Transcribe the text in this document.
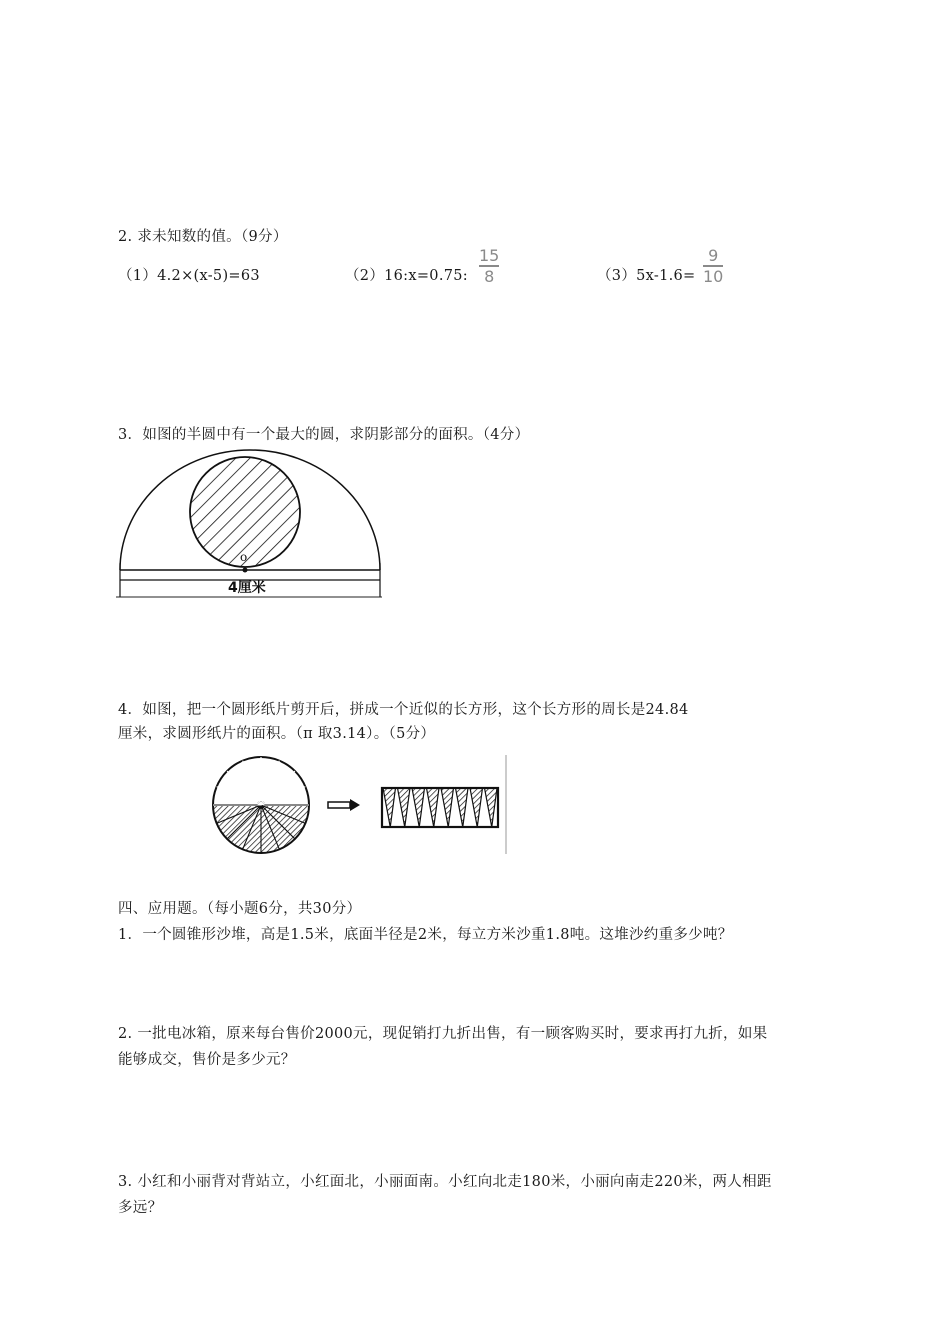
2. 求未知数的值。（9分）
（1）4.2×(x-5)=63	（2）16:x=0.75:
15
8	（3）5x-1.6=
9
10
3．如图的半圆中有一个最大的圆，求阴影部分的面积。（4分）
o
4厘米
4．如图，把一个圆形纸片剪开后，拼成一个近似的长方形，这个长方形的周长是24.84
厘米，求圆形纸片的面积。（π 取3.14）。（5分）
四、应用题。（每小题6分，共30分）
1．一个圆锥形沙堆，高是1.5米，底面半径是2米，每立方米沙重1.8吨。这堆沙约重多少吨？
2. 一批电冰箱，原来每台售价2000元，现促销打九折出售，有一顾客购买时，要求再打九折，如果
能够成交，售价是多少元？
3. 小红和小丽背对背站立，小红面北，小丽面南。小红向北走180米，小丽向南走220米，两人相距
多远？
